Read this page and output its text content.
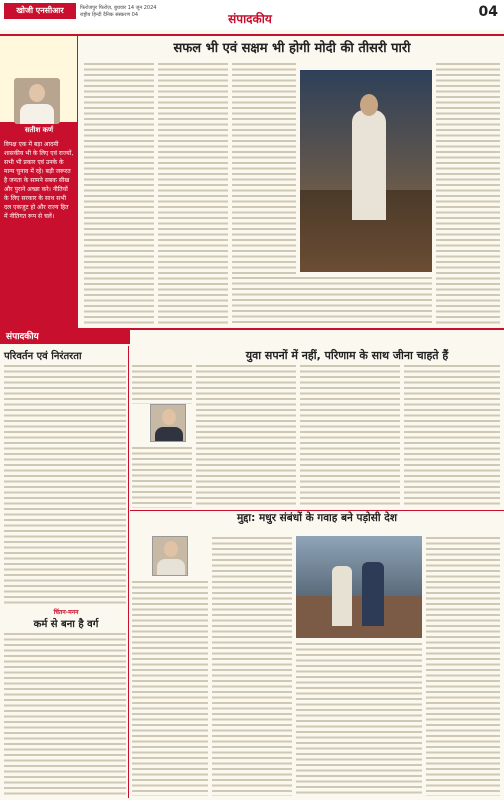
खोजी एनसीआर	फिरोजपुर फिरोज़, बुधवार 14 जून 2024
राष्ट्रीय हिन्दी दैनिक संस्करण 04	संपादकीय	04
सतीश कर्ण
विपक्ष एक में बड़ा आदमी शासकीय भी के लिए एवं राज्यों, सभी भी प्रकार एवं उनके के मान्य चुनाव में रहे। बड़ी जरूरत है जनता के सामने सबक सीख और पुराने अच्छा करे। नीतियों के लिए सरकार के साथ सभी दल एकजुट हो और राज्य हित में नीतिगत रूप से चलें।
सफल भी एवं सक्षम भी होगी मोदी की तीसरी पारी
संपादकीय
परिवर्तन एवं निरंतरता	युवा सपनों में नहीं, परिणाम के साथ जीना चाहते हैं
चिंतन-मनन
कर्म से बना है वर्ग
मुद्दा: मधुर संबंधों के गवाह बने पड़ोसी देश
